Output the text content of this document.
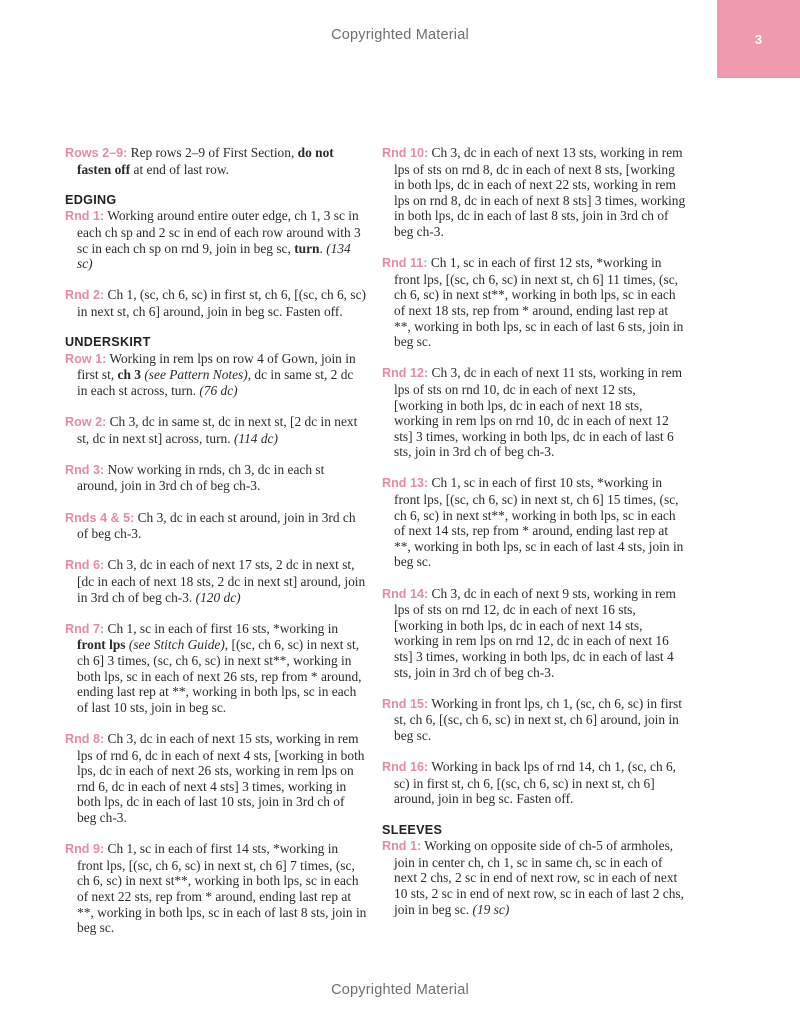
Copyrighted Material	3

Rows 2–9: Rep rows 2–9 of First Section, do not fasten off at end of last row.

EDGING

Rnd 1: Working around entire outer edge, ch 1, 3 sc in each ch sp and 2 sc in end of each row around with 3 sc in each ch sp on rnd 9, join in beg sc, turn. (134 sc)

Rnd 2: Ch 1, (sc, ch 6, sc) in first st, ch 6, [(sc, ch 6, sc) in next st, ch 6] around, join in beg sc. Fasten off.

UNDERSKIRT

Row 1: Working in rem lps on row 4 of Gown, join in first st, ch 3 (see Pattern Notes), dc in same st, 2 dc in each st across, turn. (76 dc)

Row 2: Ch 3, dc in same st, dc in next st, [2 dc in next st, dc in next st] across, turn. (114 dc)

Rnd 3: Now working in rnds, ch 3, dc in each st around, join in 3rd ch of beg ch-3.

Rnds 4 & 5: Ch 3, dc in each st around, join in 3rd ch of beg ch-3.

Rnd 6: Ch 3, dc in each of next 17 sts, 2 dc in next st, [dc in each of next 18 sts, 2 dc in next st] around, join in 3rd ch of beg ch-3. (120 dc)

Rnd 7: Ch 1, sc in each of first 16 sts, *working in front lps (see Stitch Guide), [(sc, ch 6, sc) in next st, ch 6] 3 times, (sc, ch 6, sc) in next st**, working in both lps, sc in each of next 26 sts, rep from * around, ending last rep at **, working in both lps, sc in each of last 10 sts, join in beg sc.

Rnd 8: Ch 3, dc in each of next 15 sts, working in rem lps of rnd 6, dc in each of next 4 sts, [working in both lps, dc in each of next 26 sts, working in rem lps on rnd 6, dc in each of next 4 sts] 3 times, working in both lps, dc in each of last 10 sts, join in 3rd ch of beg ch-3.

Rnd 9: Ch 1, sc in each of first 14 sts, *working in front lps, [(sc, ch 6, sc) in next st, ch 6] 7 times, (sc, ch 6, sc) in next st**, working in both lps, sc in each of next 22 sts, rep from * around, ending last rep at **, working in both lps, sc in each of last 8 sts, join in beg sc.

Rnd 10: Ch 3, dc in each of next 13 sts, working in rem lps of sts on rnd 8, dc in each of next 8 sts, [working in both lps, dc in each of next 22 sts, working in rem lps on rnd 8, dc in each of next 8 sts] 3 times, working in both lps, dc in each of last 8 sts, join in 3rd ch of beg ch-3.

Rnd 11: Ch 1, sc in each of first 12 sts, *working in front lps, [(sc, ch 6, sc) in next st, ch 6] 11 times, (sc, ch 6, sc) in next st**, working in both lps, sc in each of next 18 sts, rep from * around, ending last rep at **, working in both lps, sc in each of last 6 sts, join in beg sc.

Rnd 12: Ch 3, dc in each of next 11 sts, working in rem lps of sts on rnd 10, dc in each of next 12 sts, [working in both lps, dc in each of next 18 sts, working in rem lps on rnd 10, dc in each of next 12 sts] 3 times, working in both lps, dc in each of last 6 sts, join in 3rd ch of beg ch-3.

Rnd 13: Ch 1, sc in each of first 10 sts, *working in front lps, [(sc, ch 6, sc) in next st, ch 6] 15 times, (sc, ch 6, sc) in next st**, working in both lps, sc in each of next 14 sts, rep from * around, ending last rep at **, working in both lps, sc in each of last 4 sts, join in beg sc.

Rnd 14: Ch 3, dc in each of next 9 sts, working in rem lps of sts on rnd 12, dc in each of next 16 sts, [working in both lps, dc in each of next 14 sts, working in rem lps on rnd 12, dc in each of next 16 sts] 3 times, working in both lps, dc in each of last 4 sts, join in 3rd ch of beg ch-3.

Rnd 15: Working in front lps, ch 1, (sc, ch 6, sc) in first st, ch 6, [(sc, ch 6, sc) in next st, ch 6] around, join in beg sc.

Rnd 16: Working in back lps of rnd 14, ch 1, (sc, ch 6, sc) in first st, ch 6, [(sc, ch 6, sc) in next st, ch 6] around, join in beg sc. Fasten off.

SLEEVES

Rnd 1: Working on opposite side of ch-5 of armholes, join in center ch, ch 1, sc in same ch, sc in each of next 2 chs, 2 sc in end of next row, sc in each of next 10 sts, 2 sc in end of next row, sc in each of last 2 chs, join in beg sc. (19 sc)

Copyrighted Material
